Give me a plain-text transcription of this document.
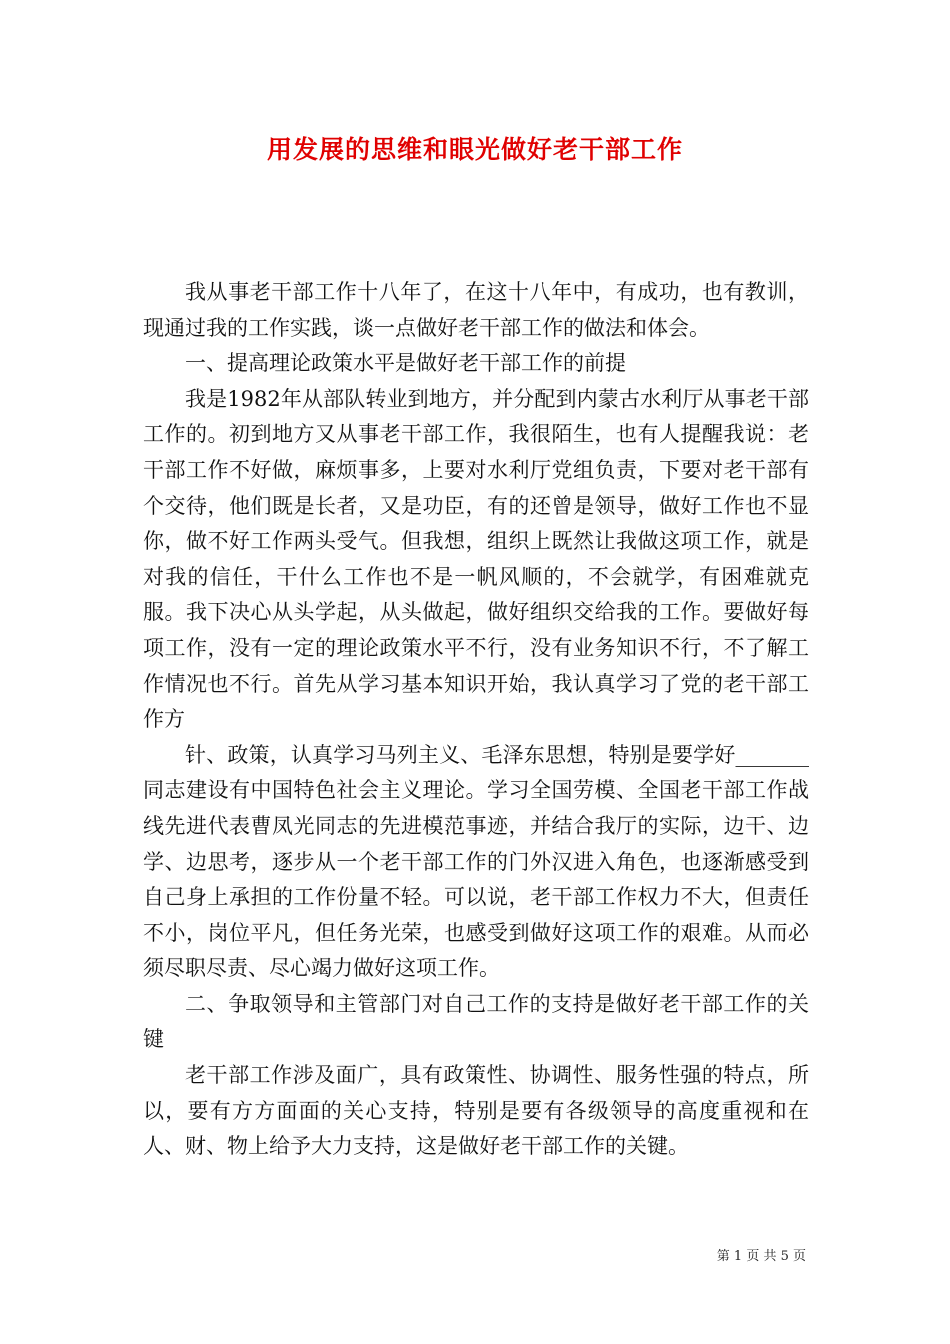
用发展的思维和眼光做好老干部工作

我从事老干部工作十八年了，在这十八年中，有成功，也有教训，现通过我的工作实践，谈一点做好老干部工作的做法和体会。

一、提高理论政策水平是做好老干部工作的前提

我是1982年从部队转业到地方，并分配到内蒙古水利厅从事老干部工作的。初到地方又从事老干部工作，我很陌生，也有人提醒我说：老干部工作不好做，麻烦事多，上要对水利厅党组负责，下要对老干部有个交待，他们既是长者，又是功臣，有的还曾是领导，做好工作也不显你，做不好工作两头受气。但我想，组织上既然让我做这项工作，就是对我的信任，干什么工作也不是一帆风顺的，不会就学，有困难就克服。我下决心从头学起，从头做起，做好组织交给我的工作。要做好每项工作，没有一定的理论政策水平不行，没有业务知识不行，不了解工作情况也不行。首先从学习基本知识开始，我认真学习了党的老干部工作方

针、政策，认真学习马列主义、毛泽东思想，特别是要学好_______同志建设有中国特色社会主义理论。学习全国劳模、全国老干部工作战线先进代表曹凤光同志的先进模范事迹，并结合我厅的实际，边干、边学、边思考，逐步从一个老干部工作的门外汉进入角色，也逐渐感受到自己身上承担的工作份量不轻。可以说，老干部工作权力不大，但责任不小，岗位平凡，但任务光荣，也感受到做好这项工作的艰难。从而必须尽职尽责、尽心竭力做好这项工作。

二、争取领导和主管部门对自己工作的支持是做好老干部工作的关键

老干部工作涉及面广，具有政策性、协调性、服务性强的特点，所以，要有方方面面的关心支持，特别是要有各级领导的高度重视和在人、财、物上给予大力支持，这是做好老干部工作的关键。

第 1 页 共 5 页
